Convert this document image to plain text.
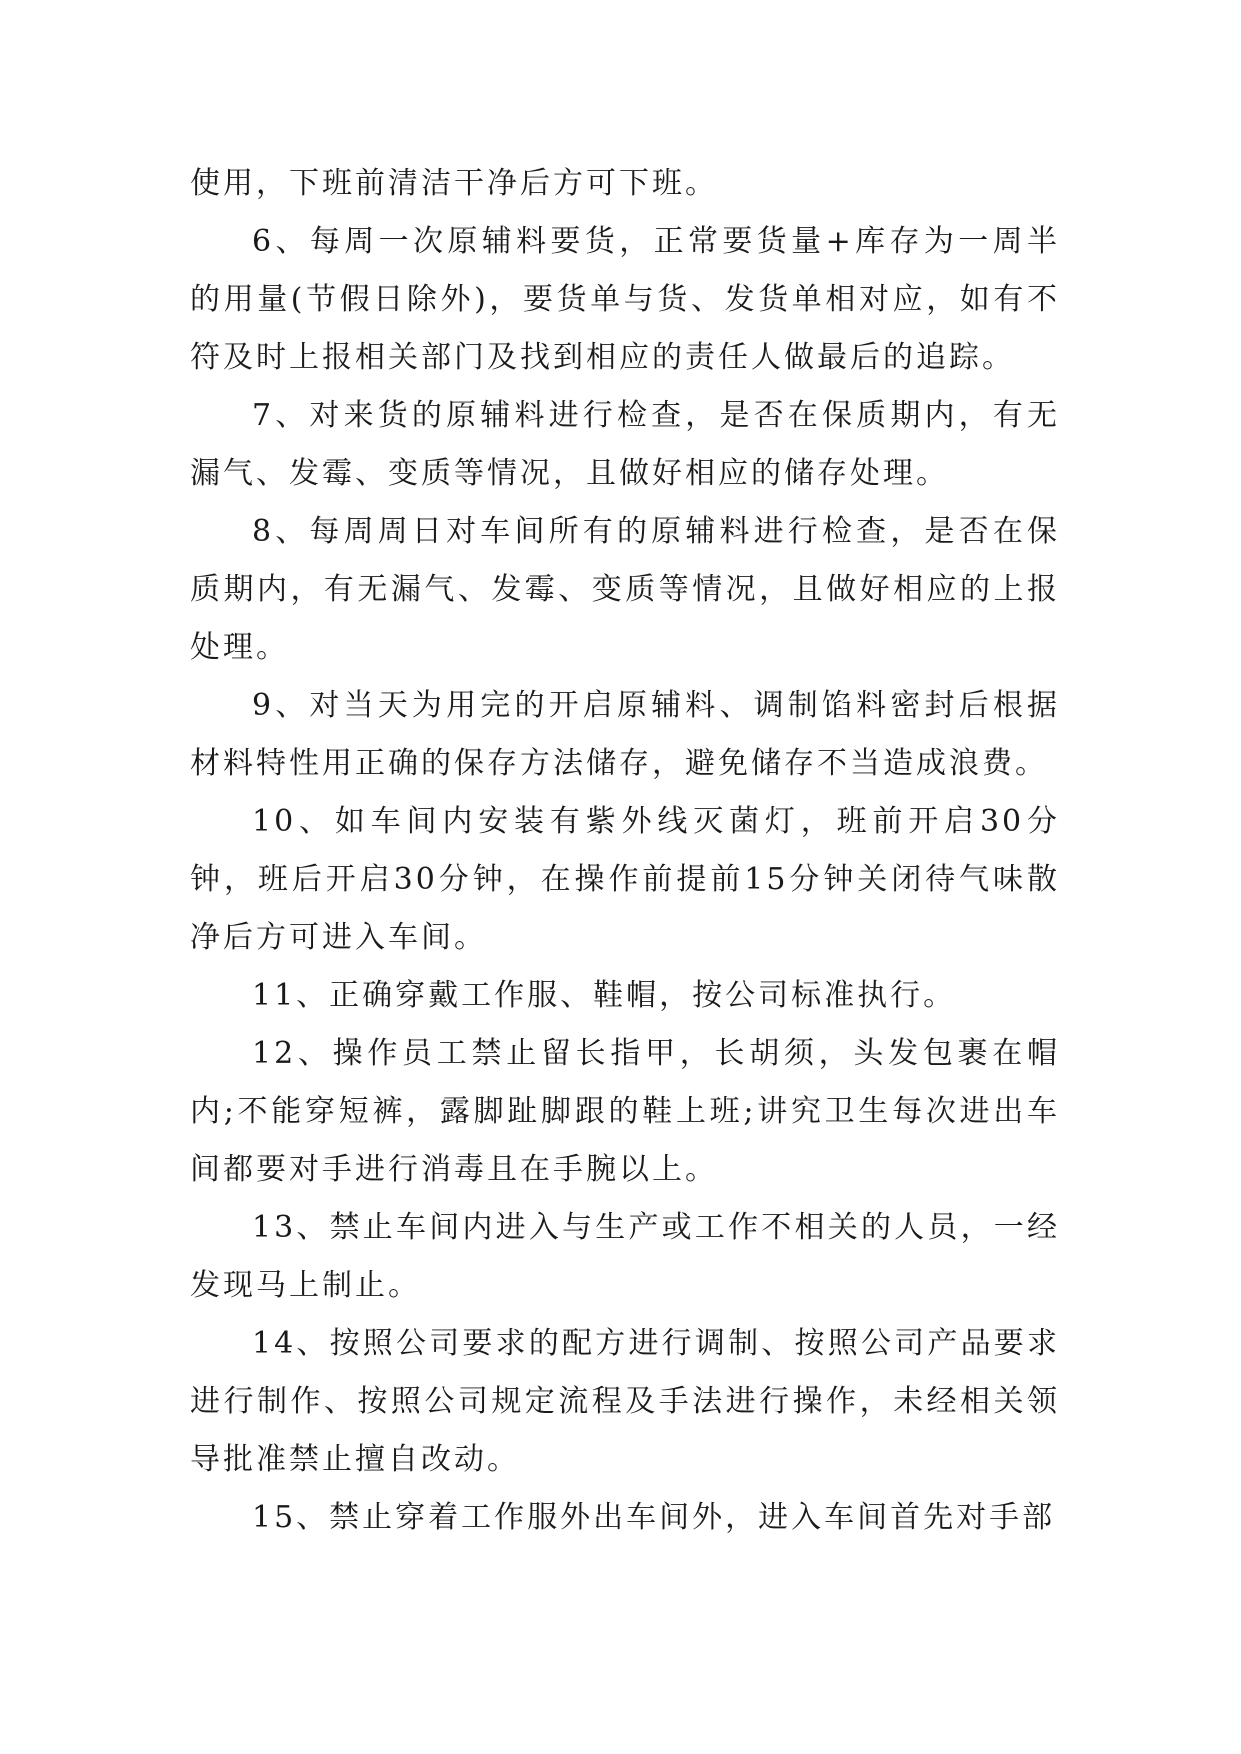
使用，下班前清洁干净后方可下班。

6、每周一次原辅料要货，正常要货量+库存为一周半的用量(节假日除外)，要货单与货、发货单相对应，如有不符及时上报相关部门及找到相应的责任人做最后的追踪。

7、对来货的原辅料进行检查，是否在保质期内，有无漏气、发霉、变质等情况，且做好相应的储存处理。

8、每周周日对车间所有的原辅料进行检查，是否在保质期内，有无漏气、发霉、变质等情况，且做好相应的上报处理。

9、对当天为用完的开启原辅料、调制馅料密封后根据材料特性用正确的保存方法储存，避免储存不当造成浪费。

10、如车间内安装有紫外线灭菌灯，班前开启30分钟，班后开启30分钟，在操作前提前15分钟关闭待气味散净后方可进入车间。

11、正确穿戴工作服、鞋帽，按公司标准执行。

12、操作员工禁止留长指甲，长胡须，头发包裹在帽内;不能穿短裤，露脚趾脚跟的鞋上班;讲究卫生每次进出车间都要对手进行消毒且在手腕以上。

13、禁止车间内进入与生产或工作不相关的人员，一经发现马上制止。

14、按照公司要求的配方进行调制、按照公司产品要求进行制作、按照公司规定流程及手法进行操作，未经相关领导批准禁止擅自改动。

15、禁止穿着工作服外出车间外，进入车间首先对手部
